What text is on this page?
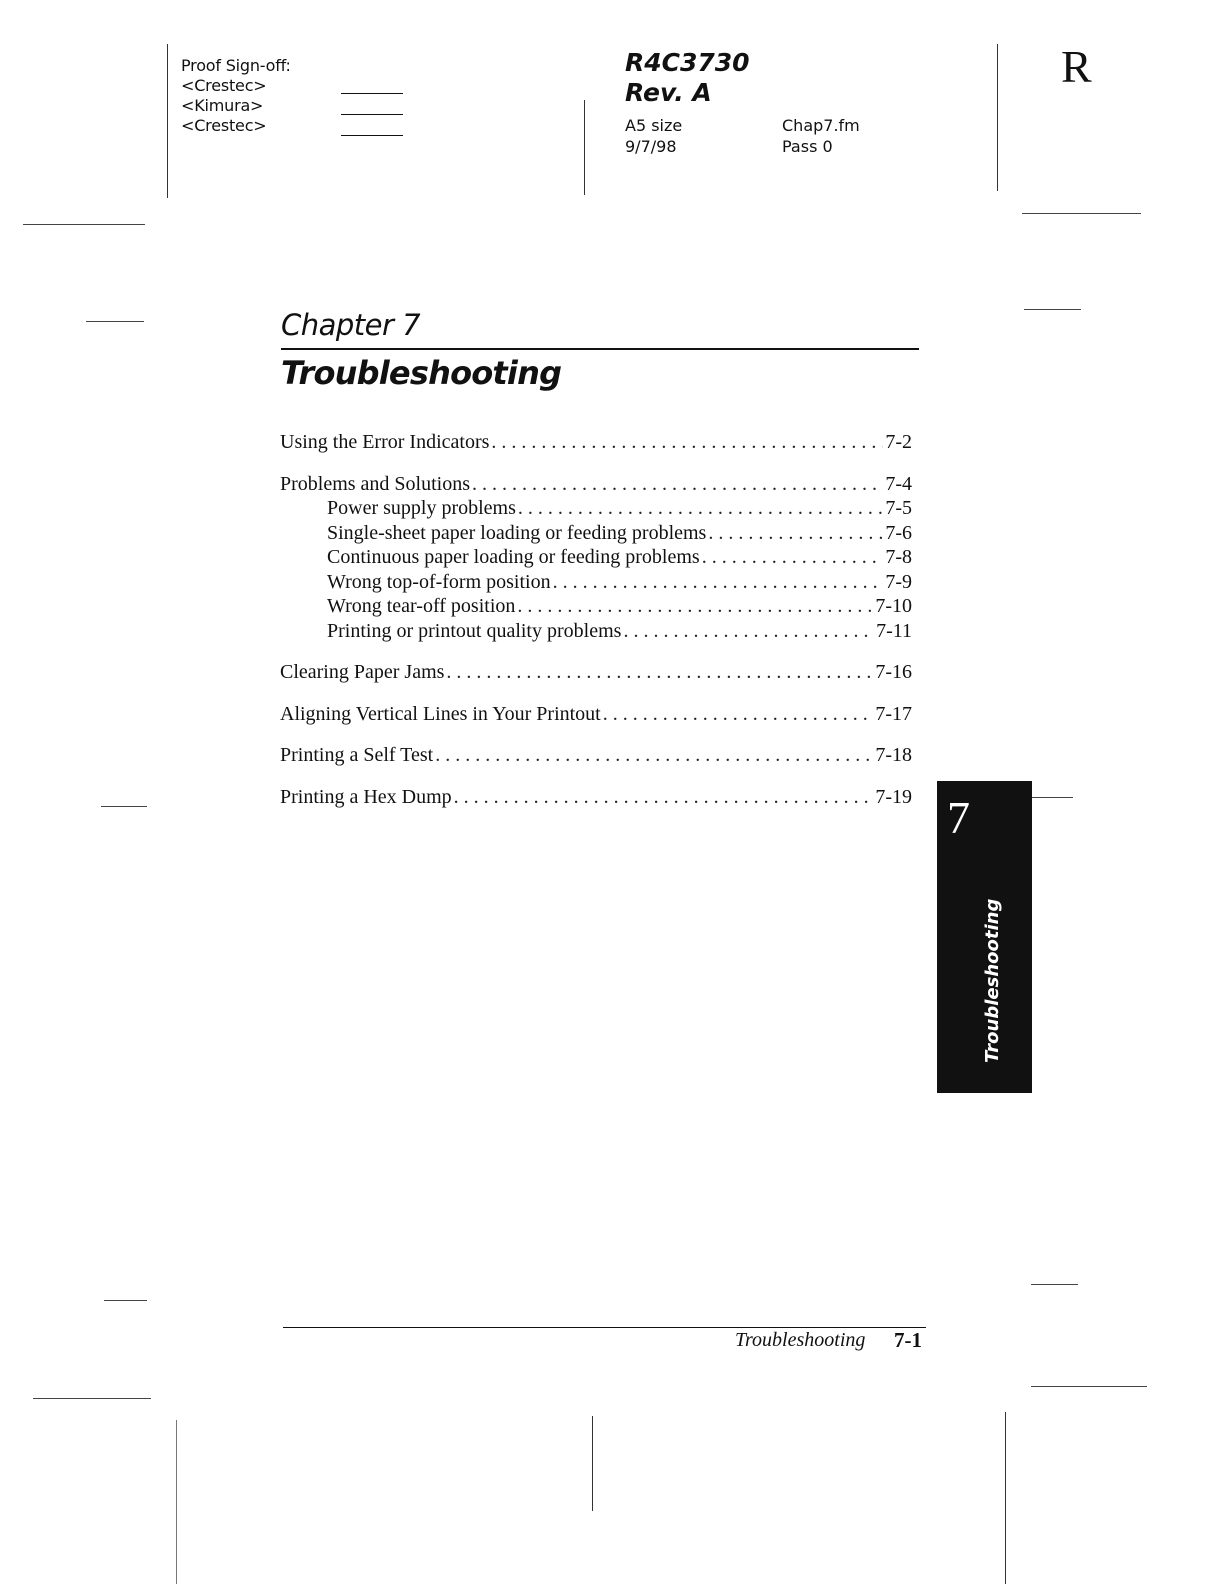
Proof Sign-off:
<Crestec>
<Kimura>
<Crestec>
R4C3730
Rev. A
A5 size
9/7/98
Chap7.fm
Pass 0
R
Chapter 7
Troubleshooting
Using the Error Indicators . . .	7-2
Problems and Solutions . . .	7-4
Power supply problems . . .	7-5
Single-sheet paper loading or feeding problems . . .	7-6
Continuous paper loading or feeding problems . . .	7-8
Wrong top-of-form position . . .	7-9
Wrong tear-off position . . .	7-10
Printing or printout quality problems . . .	7-11
Clearing Paper Jams . . .	7-16
Aligning Vertical Lines in Your Printout . . .	7-17
Printing a Self Test . . .	7-18
Printing a Hex Dump . . .	7-19 7
Troubleshooting
Troubleshooting 7-1
